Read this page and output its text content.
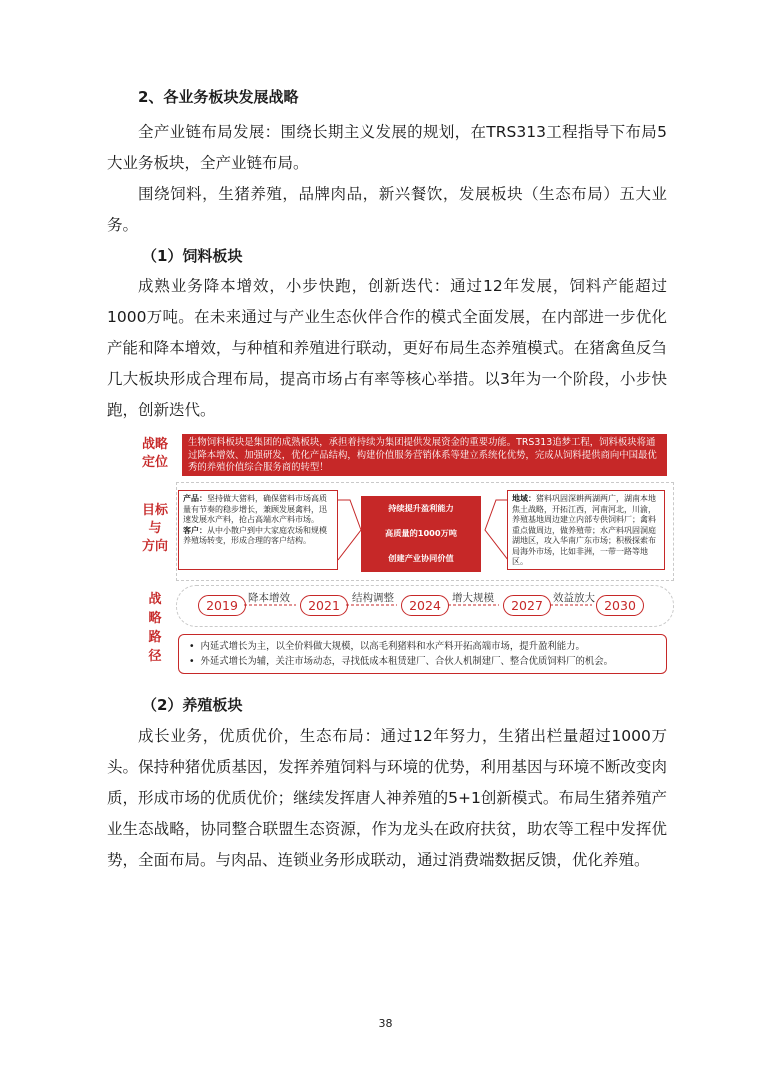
2、各业务板块发展战略

全产业链布局发展：围绕长期主义发展的规划，在TRS313工程指导下布局5大业务板块，全产业链布局。

围绕饲料，生猪养殖，品牌肉品，新兴餐饮，发展板块（生态布局）五大业务。

（1）饲料板块

成熟业务降本增效，小步快跑，创新迭代：通过12年发展，饲料产能超过1000万吨。在未来通过与产业生态伙伴合作的模式全面发展，在内部进一步优化产能和降本增效，与种植和养殖进行联动，更好布局生态养殖模式。在猪禽鱼反刍几大板块形成合理布局，提高市场占有率等核心举措。以3年为一个阶段，小步快跑，创新迭代。

战略
定位
生物饲料板块是集团的成熟板块，承担着持续为集团提供发展资金的重要功能。TRS313追梦工程，饲料板块将通过降本增效、加强研发，优化产品结构，构建价值服务营销体系等建立系统化优势，完成从饲料提供商向中国最优秀的养殖价值综合服务商的转型！
目标
与
方向
产品：坚持做大猪料，确保猪料市场高质量有节奏的稳步增长，兼顾发展禽料，迅速发展水产料，抢占高端水产料市场。
客户：从中小散户到中大家庭农场和规模养殖场转变，形成合理的客户结构。
持续提升盈利能力
高质量的1000万吨
创建产业协同价值
地域：猪料巩固深耕两湖两广，湖南本地焦土战略，开拓江西，河南河北，川渝，养殖基地周边建立内部专供饲料厂；禽料重点做周边，做养殖带；水产料巩固洞庭湖地区，攻入华南广东市场；积极探索布局海外市场，比如非洲，一带一路等地区。
战
略
路
径
2019 降本增效	2021	结构调整	2024	增大规模	2027 效益放大 2030
•  内延式增长为主，以全价料做大规模，以高毛利猪料和水产料开拓高端市场，提升盈利能力。
•  外延式增长为辅，关注市场动态，寻找低成本租赁建厂、合伙人机制建厂、整合优质饲料厂的机会。
（2）养殖板块

成长业务，优质优价，生态布局：通过12年努力，生猪出栏量超过1000万头。保持种猪优质基因，发挥养殖饲料与环境的优势，利用基因与环境不断改变肉质，形成市场的优质优价；继续发挥唐人神养殖的5+1创新模式。布局生猪养殖产业生态战略，协同整合联盟生态资源，作为龙头在政府扶贫，助农等工程中发挥优势，全面布局。与肉品、连锁业务形成联动，通过消费端数据反馈，优化养殖。

38
